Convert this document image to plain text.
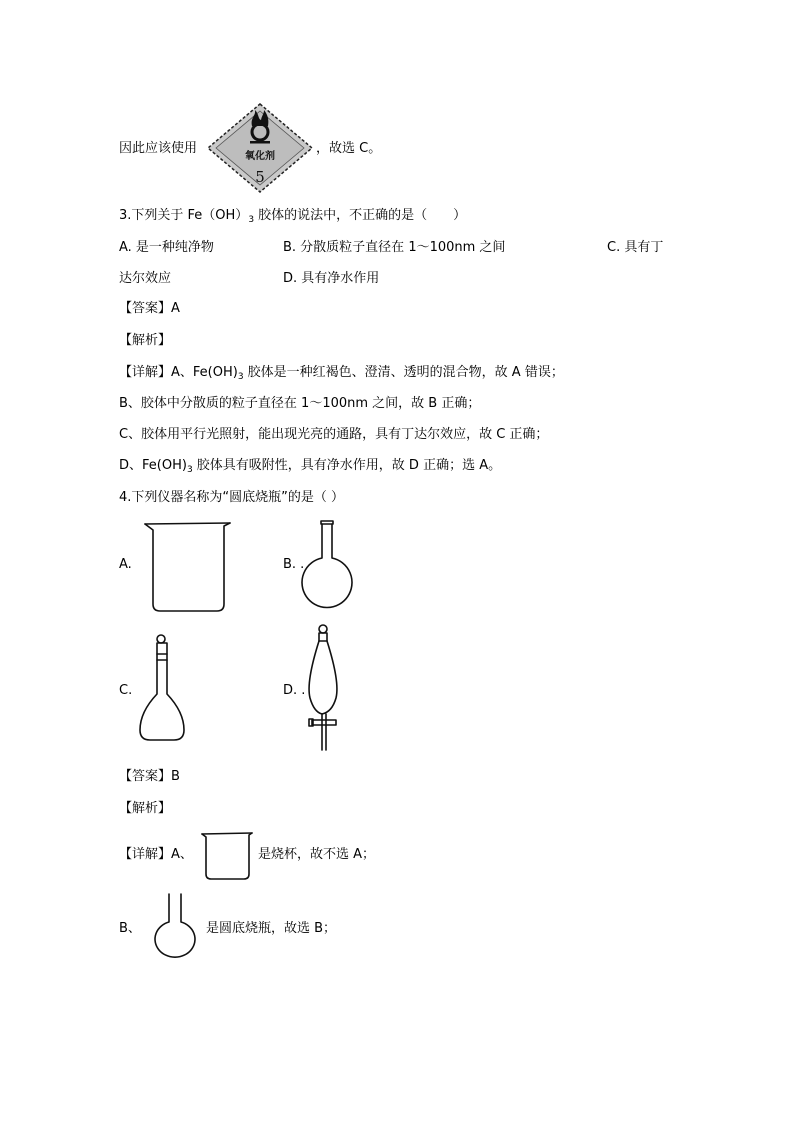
因此应该使用
氧化剂
5
，故选 C。
3.下列关于 $Fe(OH)_3$ 胶体的说法中，不正确的是（　　）
A. 是一种纯净物	B. 分散质粒子直径在 1～100nm 之间	C. 具有丁
达尔效应	D. 具有净水作用
【答案】A
【解析】
【详解】A、$Fe(OH)_3$ 胶体是一种红褐色、澄清、透明的混合物，故 A 错误；
B、胶体中分散质的粒子直径在 1～100nm 之间，故 B 正确；
C、胶体用平行光照射，能出现光亮的通路，具有丁达尔效应，故 C 正确；
D、$Fe(OH)_3$ 胶体具有吸附性，具有净水作用，故 D 正确；选 A。
4.下列仪器名称为“圆底烧瓶”的是（ ）
A.	B. .
C.	D. .
【答案】B
【解析】
【详解】A、	是烧杯，故不选 A；
B、	是圆底烧瓶，故选 B；
